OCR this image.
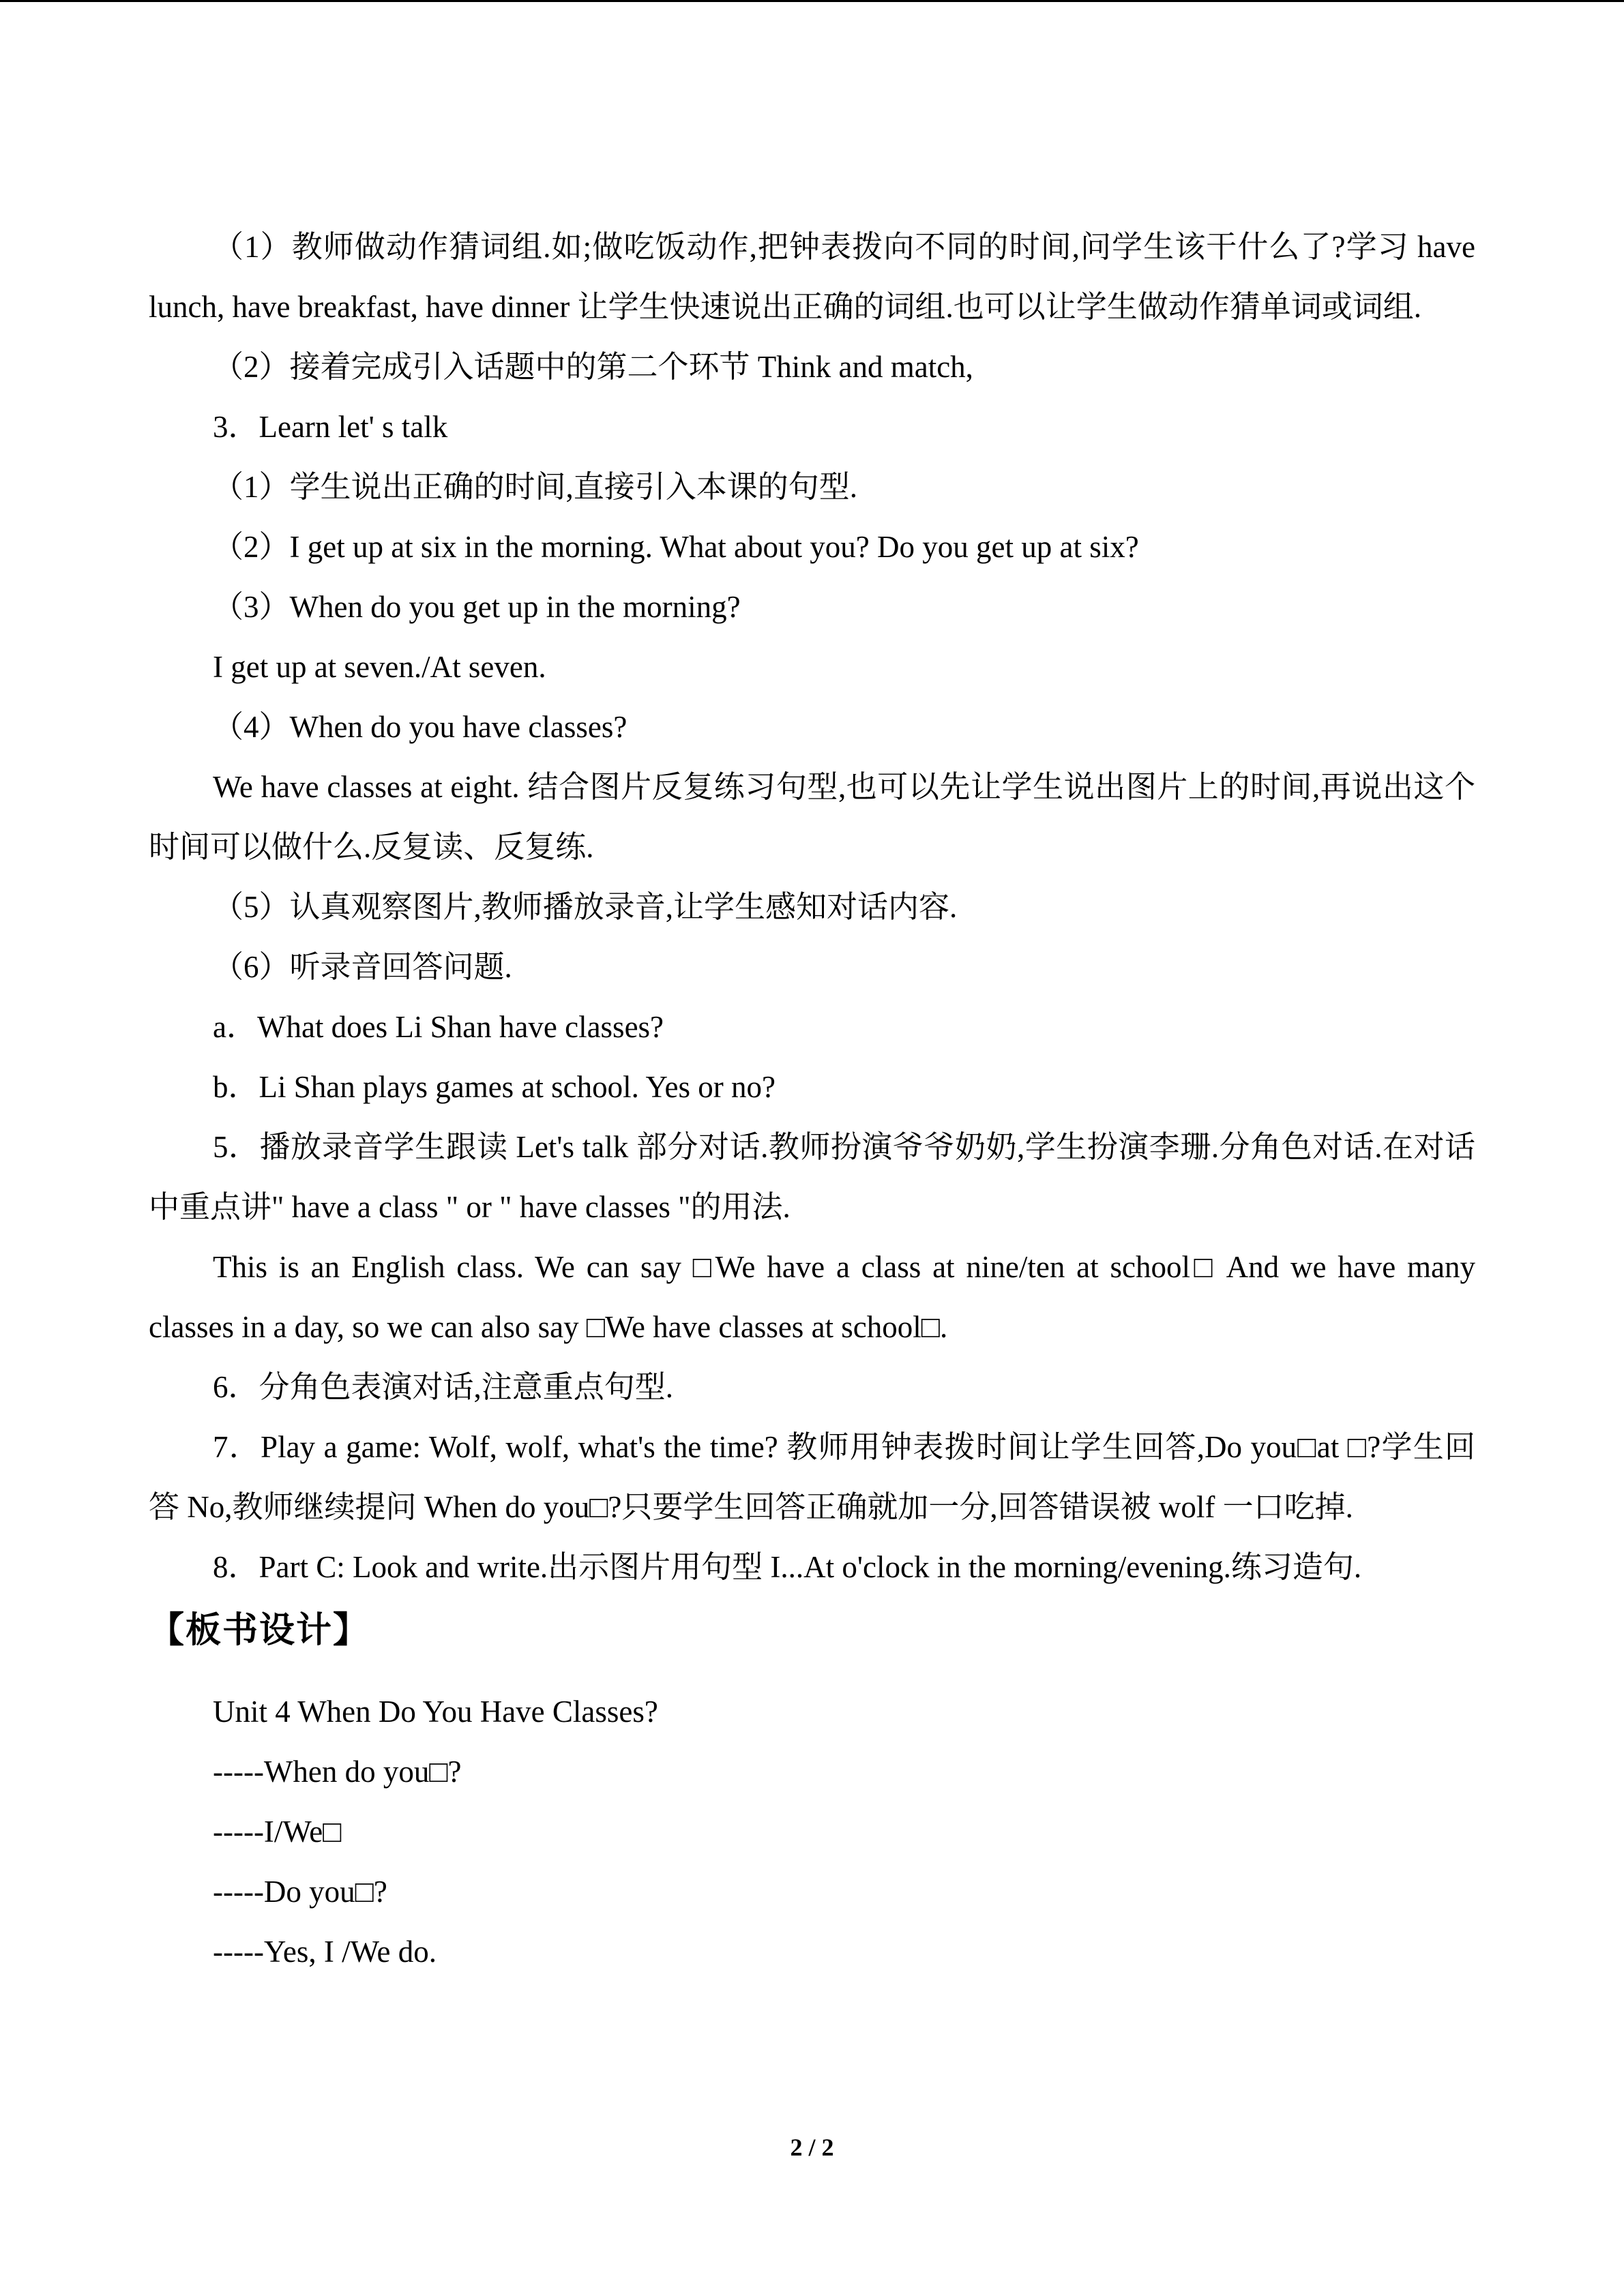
（1）教师做动作猜词组.如;做吃饭动作,把钟表拨向不同的时间,问学生该干什么了?学习 have lunch, have breakfast, have dinner 让学生快速说出正确的词组.也可以让学生做动作猜单词或词组.

（2）接着完成引入话题中的第二个环节 Think and match,

3．Learn let' s talk

（1）学生说出正确的时间,直接引入本课的句型.

（2）I get up at six in the morning. What about you? Do you get up at six?

（3）When do you get up in the morning?

I get up at seven./At seven.

（4）When do you have classes?

We have classes at eight. 结合图片反复练习句型,也可以先让学生说出图片上的时间,再说出这个时间可以做什么.反复读、反复练.

（5）认真观察图片,教师播放录音,让学生感知对话内容.

（6）听录音回答问题.

a．What does Li Shan have classes?

b．Li Shan plays games at school. Yes or no?

5．播放录音学生跟读 Let's talk 部分对话.教师扮演爷爷奶奶,学生扮演李珊.分角色对话.在对话中重点讲" have a class " or " have classes "的用法.

This is an English class. We can say □We have a class at nine/ten at school□ And we have many classes in a day, so we can also say □We have classes at school□.

6．分角色表演对话,注意重点句型.

7．Play a game: Wolf, wolf, what's the time? 教师用钟表拨时间让学生回答,Do you□at □?学生回答 No,教师继续提问 When do you□?只要学生回答正确就加一分,回答错误被 wolf 一口吃掉.

8．Part C: Look and write.出示图片用句型 I...At o'clock in the morning/evening.练习造句.

【板书设计】

Unit 4 When Do You Have Classes?

-----When do you□?

-----I/We□

-----Do you□?

-----Yes, I /We do.

2 / 2
